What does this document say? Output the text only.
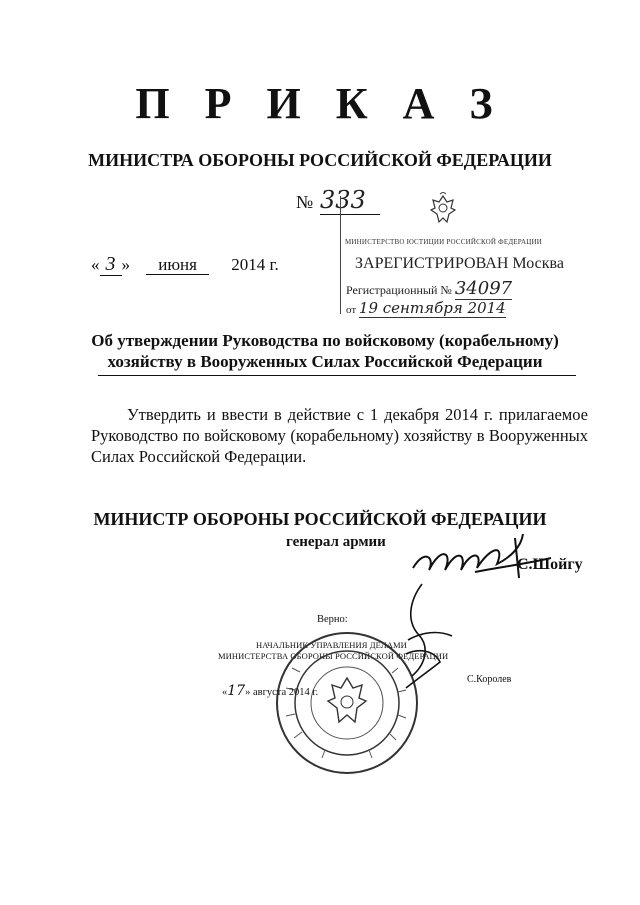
П Р И К А З
МИНИСТРА ОБОРОНЫ РОССИЙСКОЙ ФЕДЕРАЦИИ
№ 333
« 3 » июня 2014 г.
МИНИСТЕРСТВО ЮСТИЦИИ РОССИЙСКОЙ ФЕДЕРАЦИИ
ЗАРЕГИСТРИРОВАН Москва
Регистрационный № 34097
от 19 сентября 2014
Об утверждении Руководства по войсковому (корабельному)
хозяйству в Вооруженных Силах Российской Федерации
Утвердить и ввести в действие с 1 декабря 2014 г. прилагаемое Руководство по войсковому (корабельному) хозяйству в Вооруженных Силах Российской Федерации.
МИНИСТР ОБОРОНЫ РОССИЙСКОЙ ФЕДЕРАЦИИ
генерал армии
С.Шойгу
Верно:
НАЧАЛЬНИК УПРАВЛЕНИЯ ДЕЛАМИ
МИНИСТЕРСТВА ОБОРОНЫ РОССИЙСКОЙ ФЕДЕРАЦИИ
«17» августа 2014 г.
С.Королев
